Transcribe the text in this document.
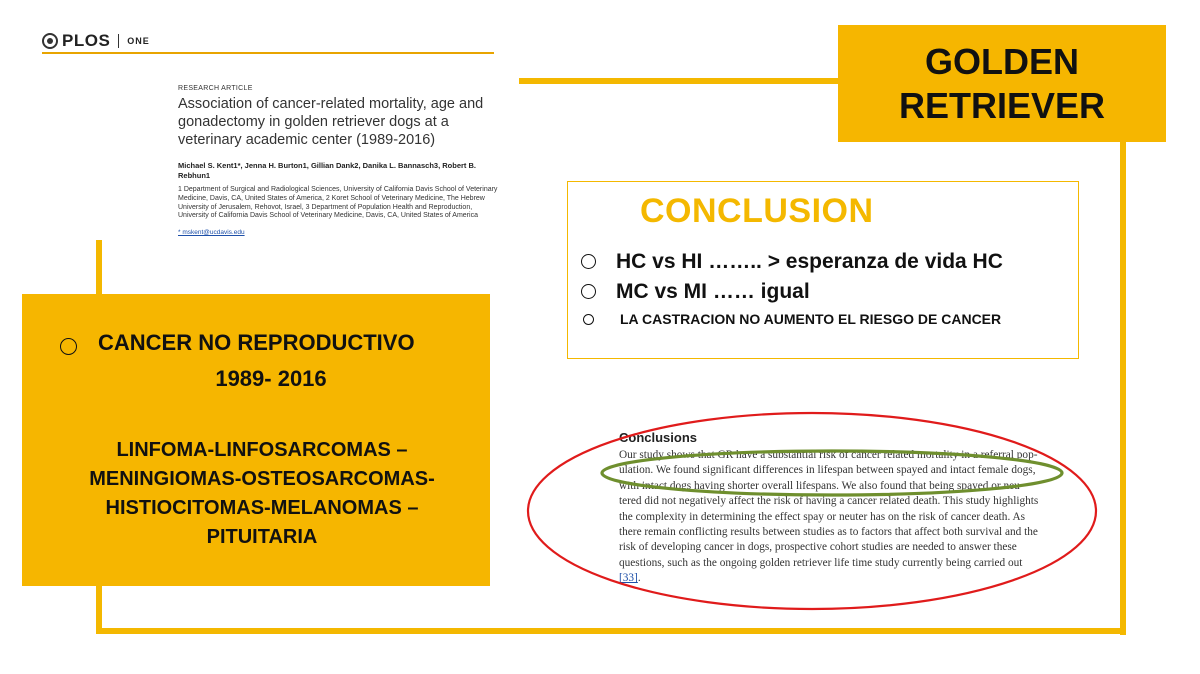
PLOS ONE
RESEARCH ARTICLE
Association of cancer-related mortality, age and gonadectomy in golden retriever dogs at a veterinary academic center (1989-2016)
Michael S. Kent1*, Jenna H. Burton1, Gillian Dank2, Danika L. Bannasch3, Robert B. Rebhun1
1 Department of Surgical and Radiological Sciences, University of California Davis School of Veterinary Medicine, Davis, CA, United States of America, 2 Koret School of Veterinary Medicine, The Hebrew University of Jerusalem, Rehovot, Israel, 3 Department of Population Health and Reproduction, University of California Davis School of Veterinary Medicine, Davis, CA, United States of America
* mskent@ucdavis.edu
GOLDEN
RETRIEVER
CANCER NO REPRODUCTIVO
1989- 2016
LINFOMA-LINFOSARCOMAS –
MENINGIOMAS-OSTEOSARCOMAS-
HISTIOCITOMAS-MELANOMAS –
PITUITARIA
CONCLUSION
HC vs HI …….. > esperanza de vida HC
MC vs MI …… igual
LA CASTRACION NO AUMENTO EL RIESGO DE CANCER
Conclusions
Our study shows that GR have a substantial risk of cancer related mortality in a referral pop-
ulation. We found significant differences in lifespan between spayed and intact female dogs,
with intact dogs having shorter overall lifespans. We also found that being spayed or neu-
tered did not negatively affect the risk of having a cancer related death. This study highlights
the complexity in determining the effect spay or neuter has on the risk of cancer death. As
there remain conflicting results between studies as to factors that affect both survival and the
risk of developing cancer in dogs, prospective cohort studies are needed to answer these
questions, such as the ongoing golden retriever life time study currently being carried out
[33].
